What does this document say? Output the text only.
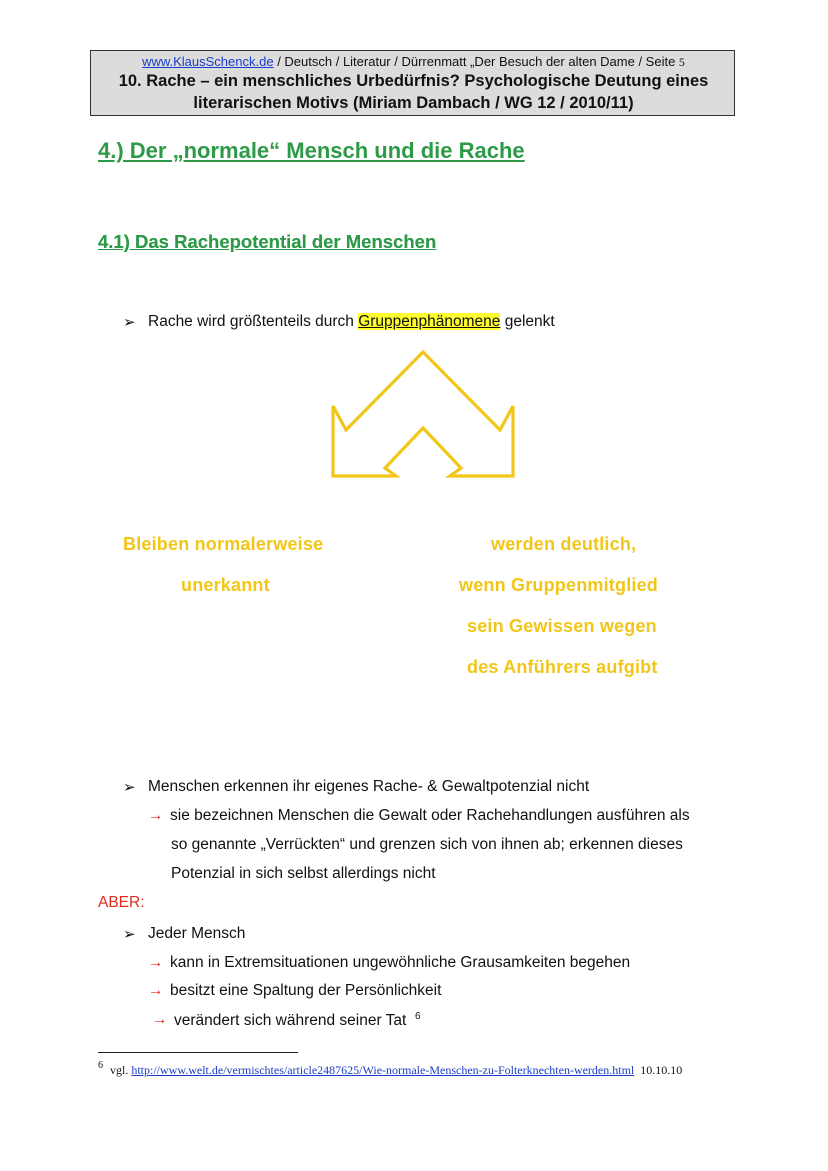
www.KlausSchenck.de / Deutsch / Literatur / Dürrenmatt „Der Besuch der alten Dame / Seite 5
10. Rache – ein menschliches Urbedürfnis? Psychologische Deutung eines
literarischen Motivs (Miriam Dambach / WG 12 / 2010/11)
4.) Der „normale“ Mensch und die Rache
4.1) Das Rachepotential der Menschen
➢ Rache wird größtenteils durch Gruppenphänomene gelenkt
Bleiben normalerweise
unerkannt
werden deutlich,
wenn Gruppenmitglied
sein Gewissen wegen
des Anführers aufgibt
➢ Menschen erkennen ihr eigenes Rache- & Gewaltpotenzial nicht
→ sie bezeichnen Menschen die Gewalt oder Rachehandlungen ausführen als
so genannte „Verrückten“ und grenzen sich von ihnen ab; erkennen dieses
Potenzial in sich selbst allerdings nicht
ABER:
➢ Jeder Mensch
→ kann in Extremsituationen ungewöhnliche Grausamkeiten begehen
→ besitzt eine Spaltung der Persönlichkeit
→ verändert sich während seiner Tat $^6$
6 vgl. http://www.welt.de/vermischtes/article2487625/Wie-normale-Menschen-zu-Folterknechten-werden.html 10.10.10
